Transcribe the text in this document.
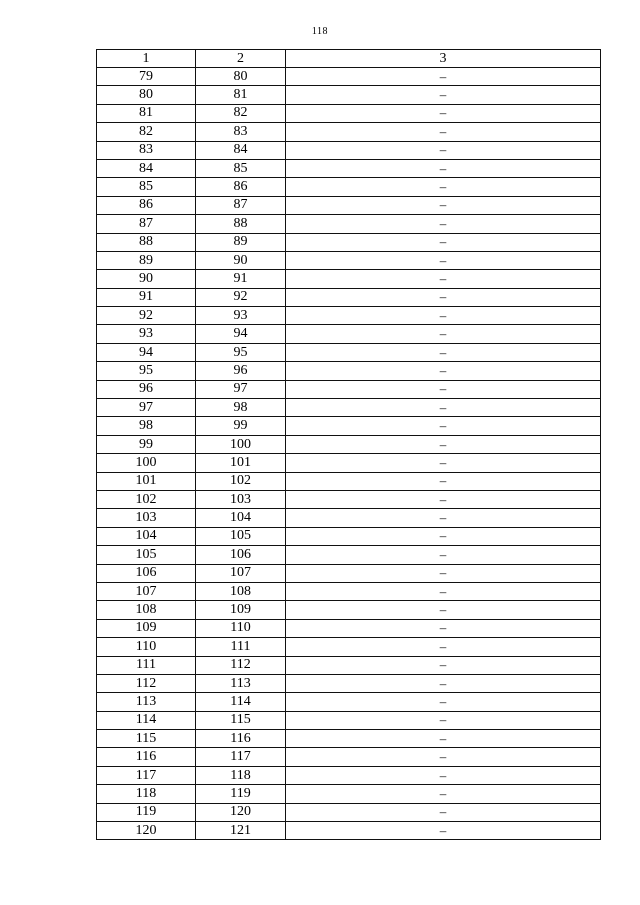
118
1	2	3
79	80	–
80	81	–
81	82	–
82	83	–
83	84	–
84	85	–
85	86	–
86	87	–
87	88	–
88	89	–
89	90	–
90	91	–
91	92	–
92	93	–
93	94	–
94	95	–
95	96	–
96	97	–
97	98	–
98	99	–
99	100	–
100	101	–
101	102	–
102	103	–
103	104	–
104	105	–
105	106	–
106	107	–
107	108	–
108	109	–
109	110	–
110	111	–
111	112	–
112	113	–
113	114	–
114	115	–
115	116	–
116	117	–
117	118	–
118	119	–
119	120	–
120	121	–
